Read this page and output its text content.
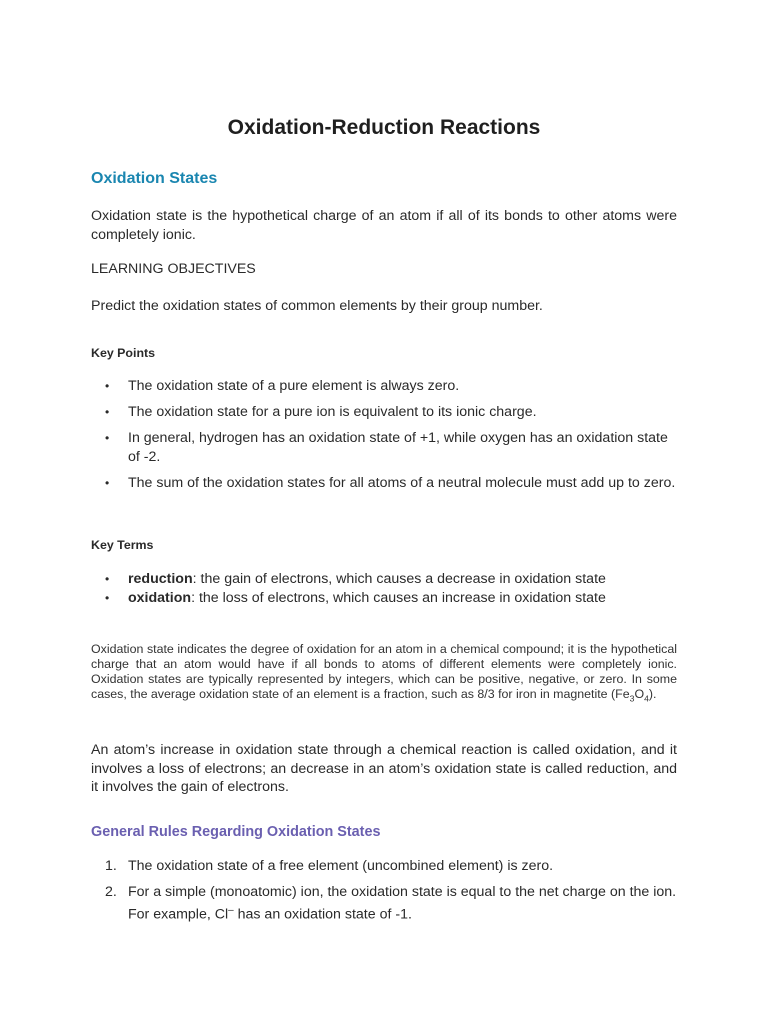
Oxidation-Reduction Reactions
Oxidation States

Oxidation state is the hypothetical charge of an atom if all of its bonds to other atoms were completely ionic.

LEARNING OBJECTIVES

Predict the oxidation states of common elements by their group number.

Key Points

• The oxidation state of a pure element is always zero.
• The oxidation state for a pure ion is equivalent to its ionic charge.
• In general, hydrogen has an oxidation state of +1, while oxygen has an oxidation state of -2.
• The sum of the oxidation states for all atoms of a neutral molecule must add up to zero.

Key Terms

• reduction: the gain of electrons, which causes a decrease in oxidation state
• oxidation: the loss of electrons, which causes an increase in oxidation state

Oxidation state indicates the degree of oxidation for an atom in a chemical compound; it is the hypothetical charge that an atom would have if all bonds to atoms of different elements were completely ionic. Oxidation states are typically represented by integers, which can be positive, negative, or zero. In some cases, the average oxidation state of an element is a fraction, such as 8/3 for iron in magnetite $(Fe_3O_4)$.

An atom’s increase in oxidation state through a chemical reaction is called oxidation, and it involves a loss of electrons; an decrease in an atom’s oxidation state is called reduction, and it involves the gain of electrons.

General Rules Regarding Oxidation States
1. The oxidation state of a free element (uncombined element) is zero.
2. For a simple (monoatomic) ion, the oxidation state is equal to the net charge on the ion. For example, Cl– has an oxidation state of -1.
